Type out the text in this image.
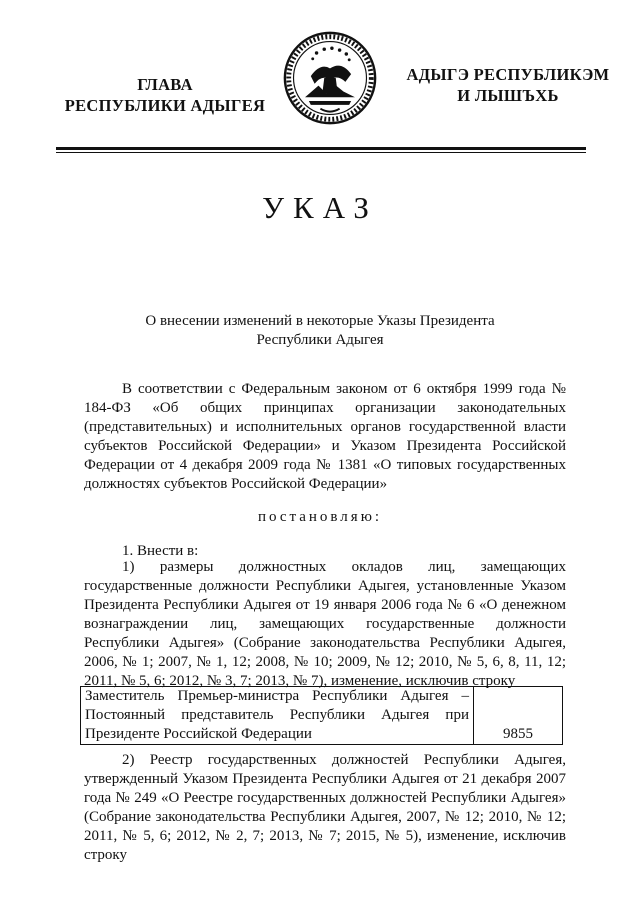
ГЛАВА
РЕСПУБЛИКИ АДЫГЕЯ
АДЫГЭ РЕСПУБЛИКЭМ
И ЛЫШЪХЬ
УКАЗ
О внесении изменений в некоторые Указы Президента
Республики Адыгея
В соответствии с Федеральным законом от 6 октября 1999 года № 184-ФЗ «Об общих принципах организации законодательных (представительных) и исполнительных органов государственной власти субъектов Российской Федерации» и Указом Президента Российской Федерации от 4 декабря 2009 года № 1381 «О типовых государственных должностях субъектов Российской Федерации»
постановляю:
1. Внести в:
1) размеры должностных окладов лиц, замещающих государственные должности Республики Адыгея, установленные Указом Президента Республики Адыгея от 19 января 2006 года № 6 «О денежном вознаграждении лиц, замещающих государственные должности Республики Адыгея» (Собрание законодательства Республики Адыгея, 2006, № 1; 2007, № 1, 12; 2008, № 10; 2009, № 12; 2010, № 5, 6, 8, 11, 12; 2011, № 5, 6; 2012, № 3, 7; 2013, № 7), изменение, исключив строку
Заместитель Премьер-министра Республики Адыгея – Постоянный представитель Республики Адыгея при Президенте Российской Федерации	9855
2) Реестр государственных должностей Республики Адыгея, утвержденный Указом Президента Республики Адыгея от 21 декабря 2007 года № 249 «О Реестре государственных должностей Республики Адыгея» (Собрание законодательства Республики Адыгея, 2007, № 12; 2010, № 12; 2011, № 5, 6; 2012, № 2, 7; 2013, № 7; 2015, № 5), изменение, исключив строку
